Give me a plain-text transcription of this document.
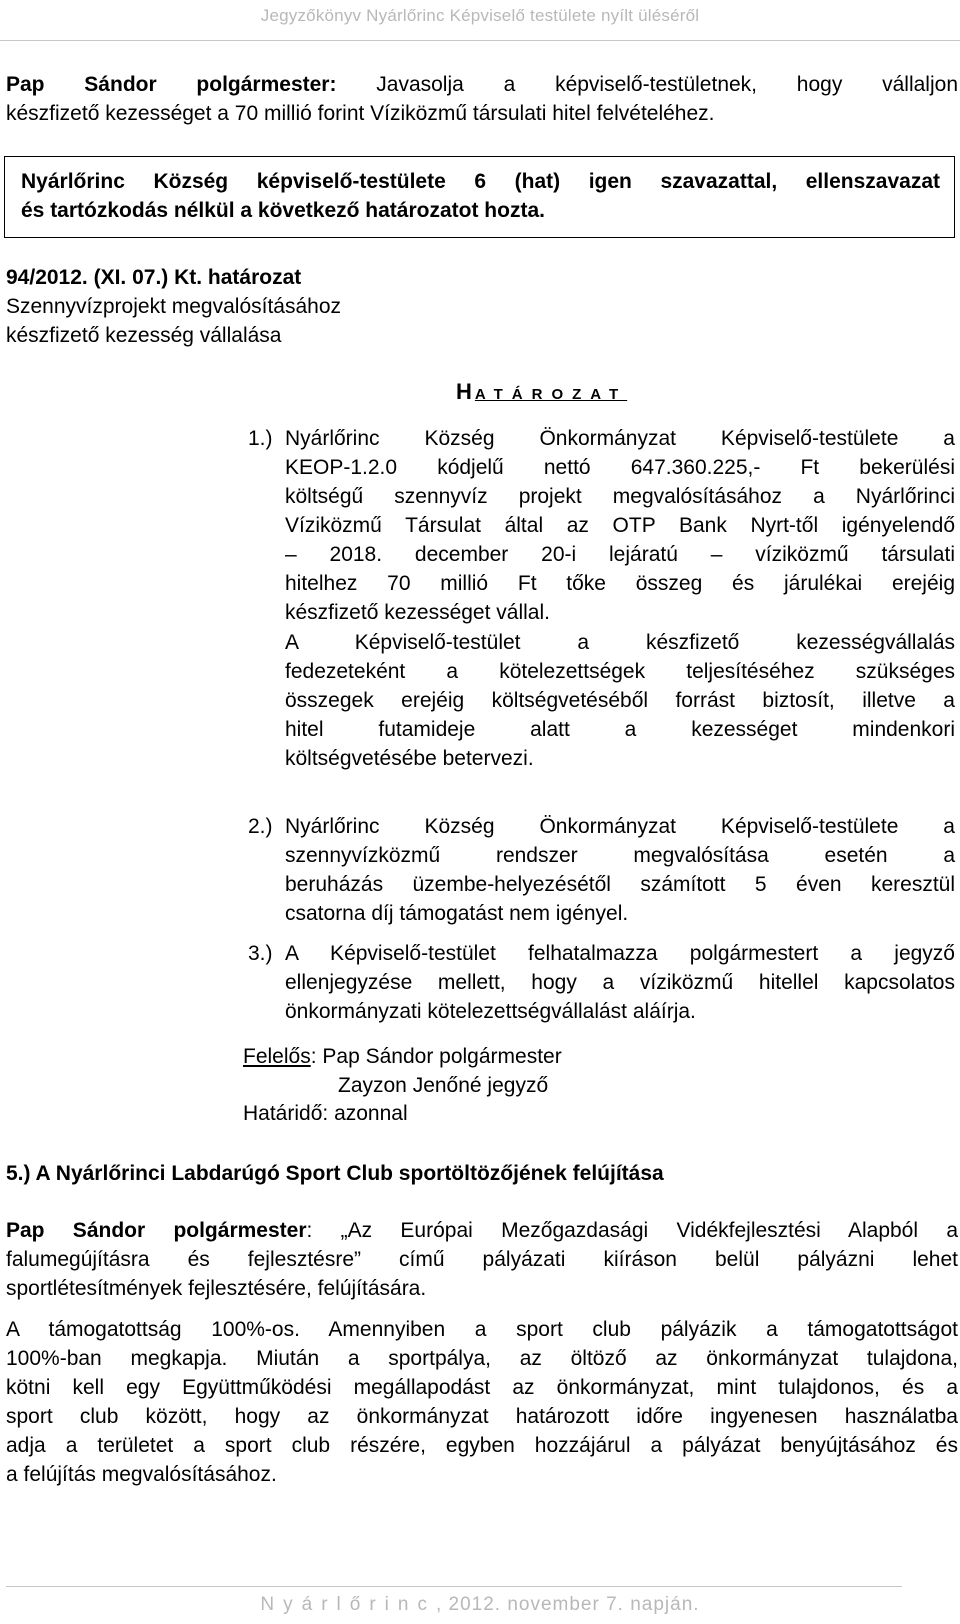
Jegyzőkönyv Nyárlőrinc Képviselő testülete nyílt üléséről
Pap Sándor polgármester: Javasolja a képviselő-testületnek, hogy vállaljon
készfizető kezességet a 70 millió forint Víziközmű társulati hitel felvételéhez.
Nyárlőrinc Község képviselő-testülete 6 (hat) igen szavazattal, ellenszavazat
és tartózkodás nélkül a következő határozatot hozta.
94/2012. (XI. 07.) Kt. határozat
Szennyvízprojekt megvalósításához
készfizető kezesség vállalása
HATÁROZAT
1.) Nyárlőrinc Község Önkormányzat Képviselő-testülete a
KEOP-1.2.0 kódjelű nettó 647.360.225,- Ft bekerülési
költségű szennyvíz projekt megvalósításához a Nyárlőrinci
Víziközmű Társulat által az OTP Bank Nyrt-től igényelendő
– 2018. december 20-i lejáratú – víziközmű társulati
hitelhez 70 millió Ft tőke összeg és járulékai erejéig
készfizető kezességet vállal.
A Képviselő-testület a készfizető kezességvállalás
fedezeteként a kötelezettségek teljesítéséhez szükséges
összegek erejéig költségvetéséből forrást biztosít, illetve a
hitel futamideje alatt a kezességet mindenkori
költségvetésébe betervezi.
2.) Nyárlőrinc Község Önkormányzat Képviselő-testülete a
szennyvízközmű rendszer megvalósítása esetén a
beruházás üzembe-helyezésétől számított 5 éven keresztül
csatorna díj támogatást nem igényel.
3.) A Képviselő-testület felhatalmazza polgármestert a jegyző
ellenjegyzése mellett, hogy a víziközmű hitellel kapcsolatos
önkormányzati kötelezettségvállalást aláírja.
Felelős: Pap Sándor polgármester
Zayzon Jenőné jegyző
Határidő: azonnal
5.) A Nyárlőrinci Labdarúgó Sport Club sportöltözőjének felújítása
Pap Sándor polgármester: „Az Európai Mezőgazdasági Vidékfejlesztési Alapból a
falumegújításra és fejlesztésre” című pályázati kiíráson belül pályázni lehet
sportlétesítmények fejlesztésére, felújítására.
A támogatottság 100%-os. Amennyiben a sport club pályázik a támogatottságot
100%-ban megkapja. Miután a sportpálya, az öltöző az önkormányzat tulajdona,
kötni kell egy Együttműködési megállapodást az önkormányzat, mint tulajdonos, és a
sport club között, hogy az önkormányzat határozott időre ingyenesen használatba
adja a területet a sport club részére, egyben hozzájárul a pályázat benyújtásához és
a felújítás megvalósításához.
Nyárlőrinc, 2012. november 7. napján.
